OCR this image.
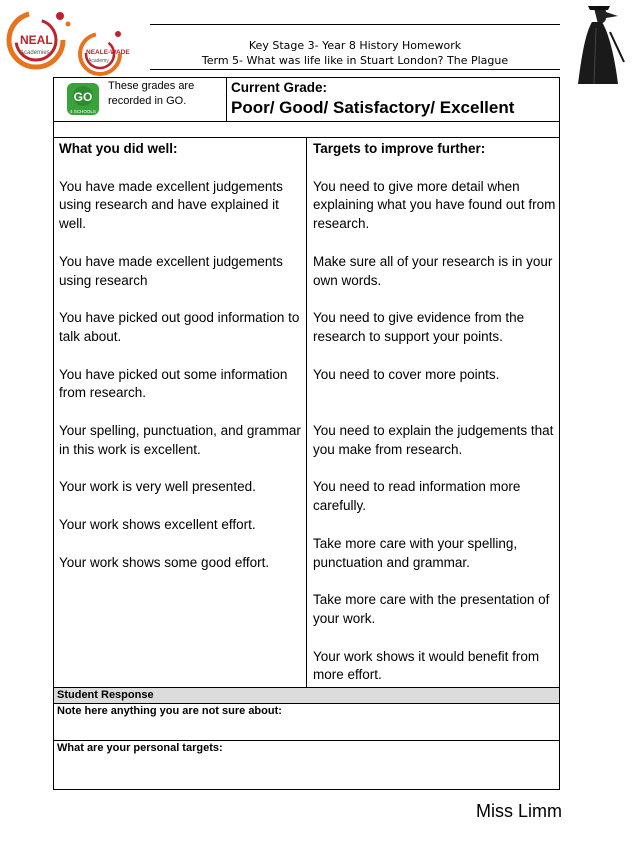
NEAL
Academies	NEALE-WADE
Academy
Key Stage 3- Year 8 History Homework
Term 5- What was life like in Stuart London? The Plague
GO
4 SCHOOLS
These grades are recorded in GO.
Current Grade:
Poor/ Good/ Satisfactory/ Excellent
What you did well:
You have made excellent judgements using research and have explained it well.
You have made excellent judgements using research
You have picked out good information to talk about.
You have picked out some information from research.
Your spelling, punctuation, and grammar in this work is excellent.
Your work is very well presented.
Your work shows excellent effort.
Your work shows some good effort.
Targets to improve further:
You need to give more detail when explaining what you have found out from research.
Make sure all of your research is in your own words.
You need to give evidence from the research to support your points.
You need to cover more points.
You need to explain the judgements that you make from research.
You need to read information more carefully.
Take more care with your spelling, punctuation and grammar.
Take more care with the presentation of your work.
Your work shows it would benefit from more effort.
Student Response
Note here anything you are not sure about:
What are your personal targets:
Miss Limm
